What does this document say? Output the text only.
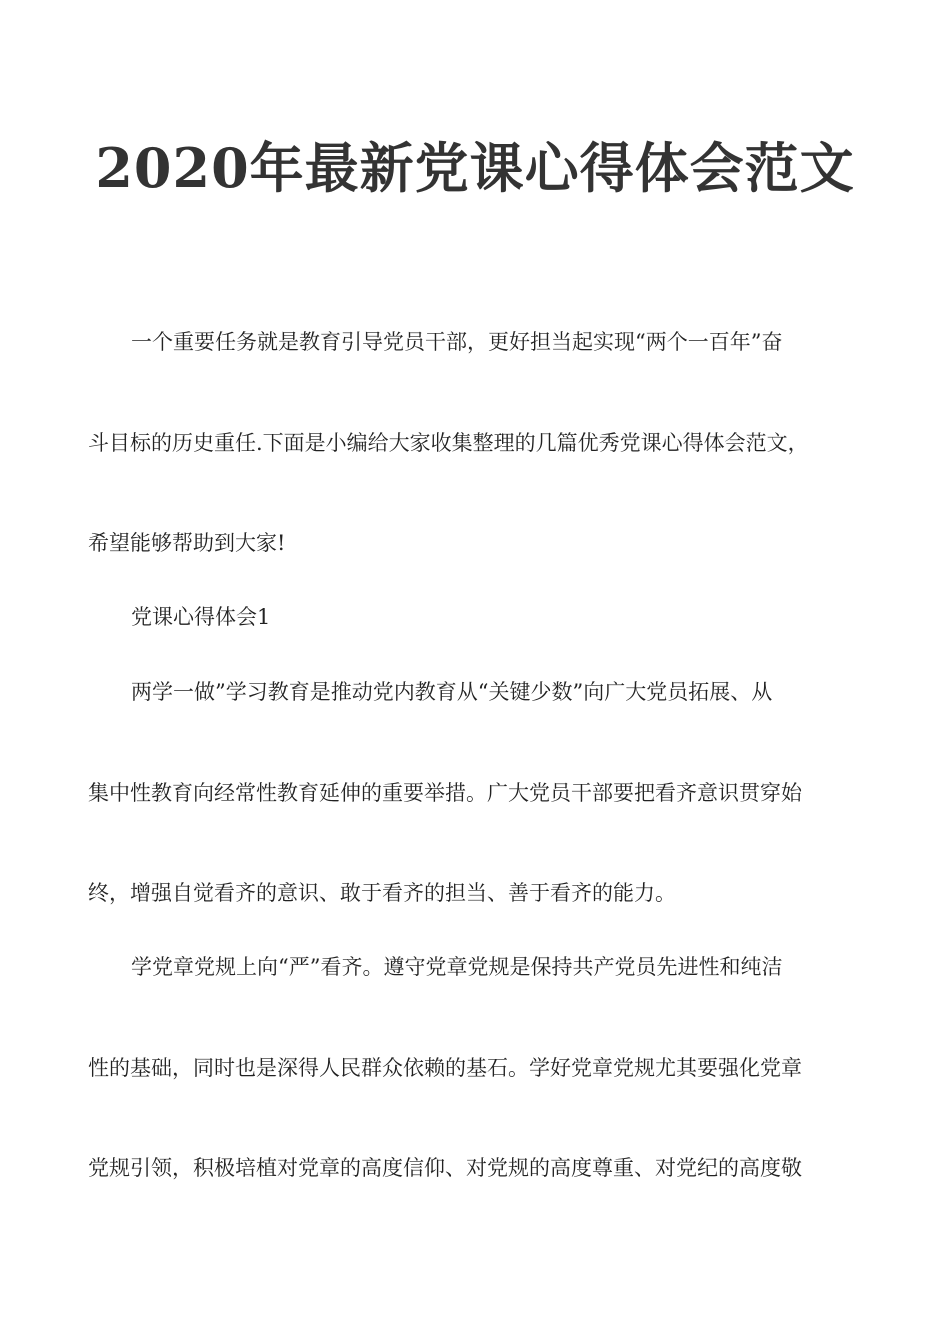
2020年最新党课心得体会范文
一个重要任务就是教育引导党员干部，更好担当起实现“两个一百年”奋
斗目标的历史重任.下面是小编给大家收集整理的几篇优秀党课心得体会范文，
希望能够帮助到大家!
党课心得体会1
两学一做”学习教育是推动党内教育从“关键少数”向广大党员拓展、从
集中性教育向经常性教育延伸的重要举措。广大党员干部要把看齐意识贯穿始
终，增强自觉看齐的意识、敢于看齐的担当、善于看齐的能力。
学党章党规上向“严”看齐。遵守党章党规是保持共产党员先进性和纯洁
性的基础，同时也是深得人民群众依赖的基石。学好党章党规尤其要强化党章
党规引领，积极培植对党章的高度信仰、对党规的高度尊重、对党纪的高度敬
